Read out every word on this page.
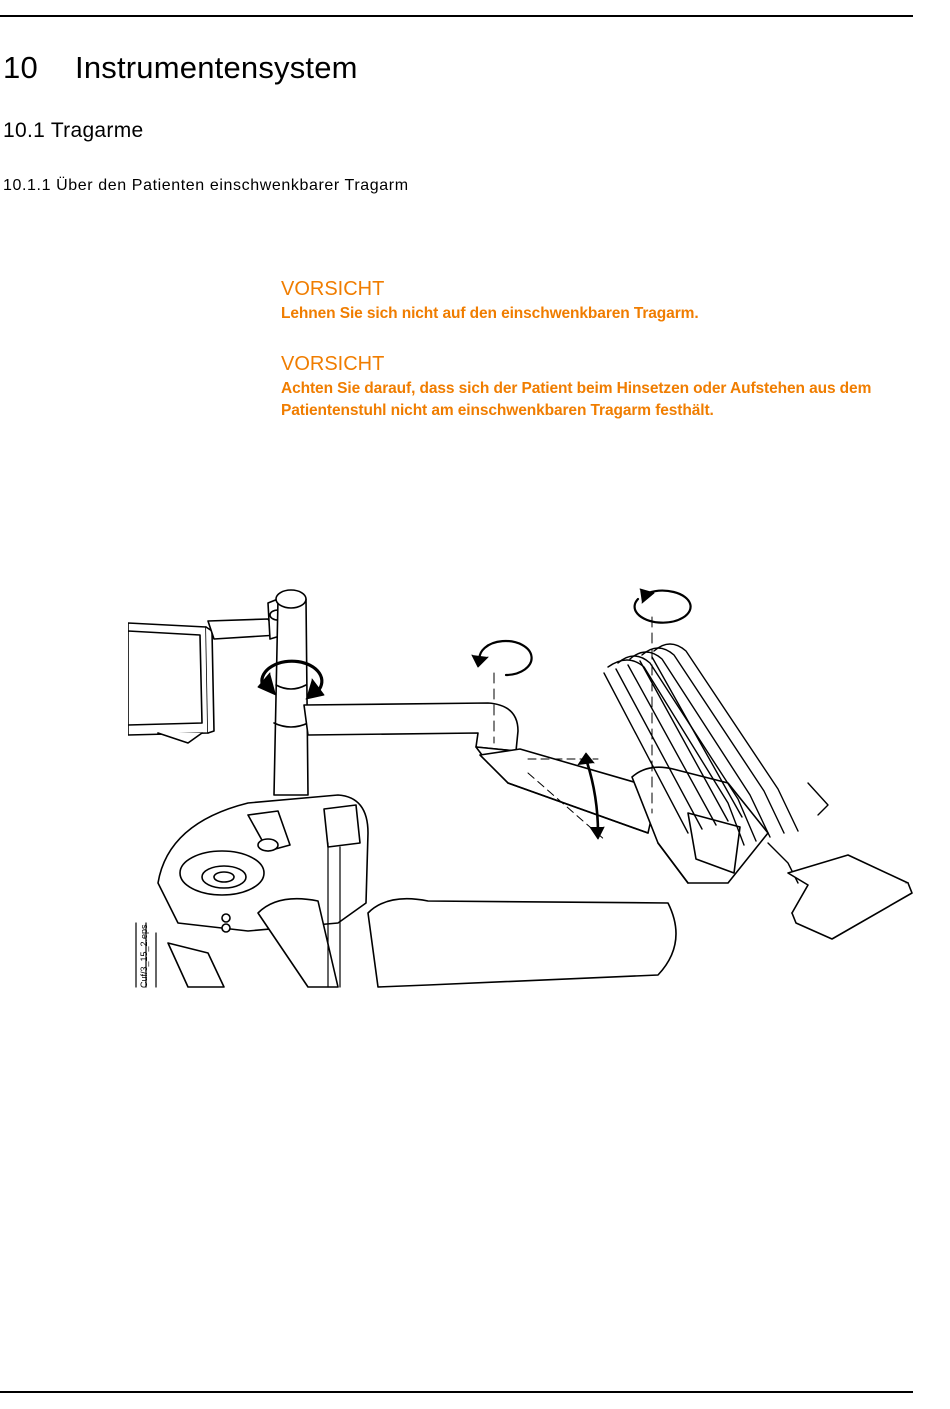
10 Instrumentensystem
10.1 Tragarme
10.1.1 Über den Patienten einschwenkbarer Tragarm
VORSICHT
Lehnen Sie sich nicht auf den einschwenkbaren Tragarm.
VORSICHT
Achten Sie darauf, dass sich der Patient beim Hinsetzen oder Aufstehen aus dem Patientenstuhl nicht am einschwenkbaren Tragarm festhält.
Cuf/3_15_2.eps
